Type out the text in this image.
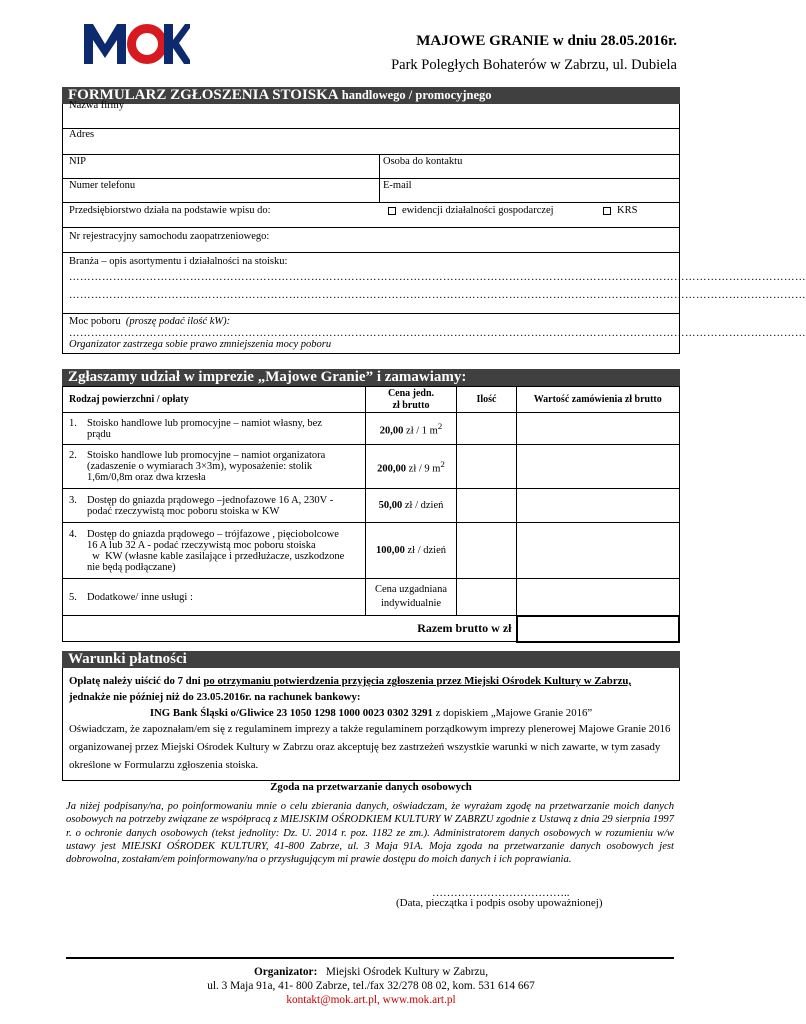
MAJOWE GRANIE w dniu 28.05.2016r.
Park Poległych Bohaterów w Zabrzu, ul. Dubiela
FORMULARZ ZGŁOSZENIA STOISKA handlowego / promocyjnego
Nazwa firmy
Adres
NIP	Osoba do kontaktu
Numer telefonu	E-mail
Przedsiębiorstwo działa na podstawie wpisu do:	ewidencji działalności gospodarczej	KRS
Nr rejestracyjny samochodu zaopatrzeniowego:
Branża – opis asortymentu i działalności na stoisku:
…………………………………………………………………………………………………………………………………………………………………………………
…………………………………………………………………………………………………………………………………………………………………………………
Moc poboru (proszę podać ilość kW):
…………………………………………………………………………………………………………………………………………………………………………………
Organizator zastrzega sobie prawo zmniejszenia mocy poboru
Zgłaszamy udział w imprezie „Majowe Granie” i zamawiamy:
Rodzaj powierzchni / opłaty	Cena jedn.
zł brutto	Ilość	Wartość zamówienia zł brutto
1. Stoisko handlowe lub promocyjne – namiot własny, bez
prądu	20,00 zł / 1 $m^2$		
2. Stoisko handlowe lub promocyjne – namiot organizatora
(zadaszenie o wymiarach 3×3m), wyposażenie: stolik
1,6m/0,8m oraz dwa krzesła	200,00 zł / 9 $m^2$		
3. Dostęp do gniazda prądowego –jednofazowe 16 A, 230V -
podać rzeczywistą moc poboru stoiska w KW	50,00 zł / dzień		
4. Dostęp do gniazda prądowego – trójfazowe , pięciobolcowe
16 A lub 32 A - podać rzeczywistą moc poboru stoiska
w  KW (własne kable zasilające i przedłużacze, uszkodzone
nie będą podłączane)	100,00 zł / dzień		
5. Dodatkowe/ inne usługi :	Cena uzgadniana
indywidualnie		
Razem brutto w zł			
Warunki płatności
Opłatę należy uiścić do 7 dni po otrzymaniu potwierdzenia przyjęcia zgłoszenia przez Miejski Ośrodek Kultury w Zabrzu,
jednakże nie później niż do 23.05.2016r. na rachunek bankowy:
ING Bank Śląski o/Gliwice 23 1050 1298 1000 0023 0302 3291 z dopiskiem „Majowe Granie 2016”
Oświadczam, że zapoznałam/em się z regulaminem imprezy a także regulaminem porządkowym imprezy plenerowej Majowe Granie 2016 organizowanej przez Miejski Ośrodek Kultury w Zabrzu oraz akceptuję bez zastrzeżeń wszystkie warunki w nich zawarte, w tym zasady określone w Formularzu zgłoszenia stoiska.
Zgoda na przetwarzanie danych osobowych
Ja niżej podpisany/na, po poinformowaniu mnie o celu zbierania danych, oświadczam, że wyrażam zgodę na przetwarzanie moich danych osobowych na potrzeby związane ze współpracą z MIEJSKIM OŚRODKIEM KULTURY W ZABRZU zgodnie z Ustawą z dnia 29 sierpnia 1997 r. o ochronie danych osobowych (tekst jednolity: Dz. U. 2014 r. poz. 1182 ze zm.). Administratorem danych osobowych w rozumieniu w/w ustawy jest MIEJSKI OŚRODEK KULTURY, 41-800 Zabrze, ul. 3 Maja 91A. Moja zgoda na przetwarzanie danych osobowych jest dobrowolna, zostałam/em poinformowany/na o przysługującym mi prawie dostępu do moich danych i ich poprawiania.
………………………………..
(Data, pieczątka i podpis osoby upoważnionej)
Organizator:   Miejski Ośrodek Kultury w Zabrzu,
ul. 3 Maja 91a, 41- 800 Zabrze, tel./fax 32/278 08 02, kom. 531 614 667
kontakt@mok.art.pl, www.mok.art.pl
